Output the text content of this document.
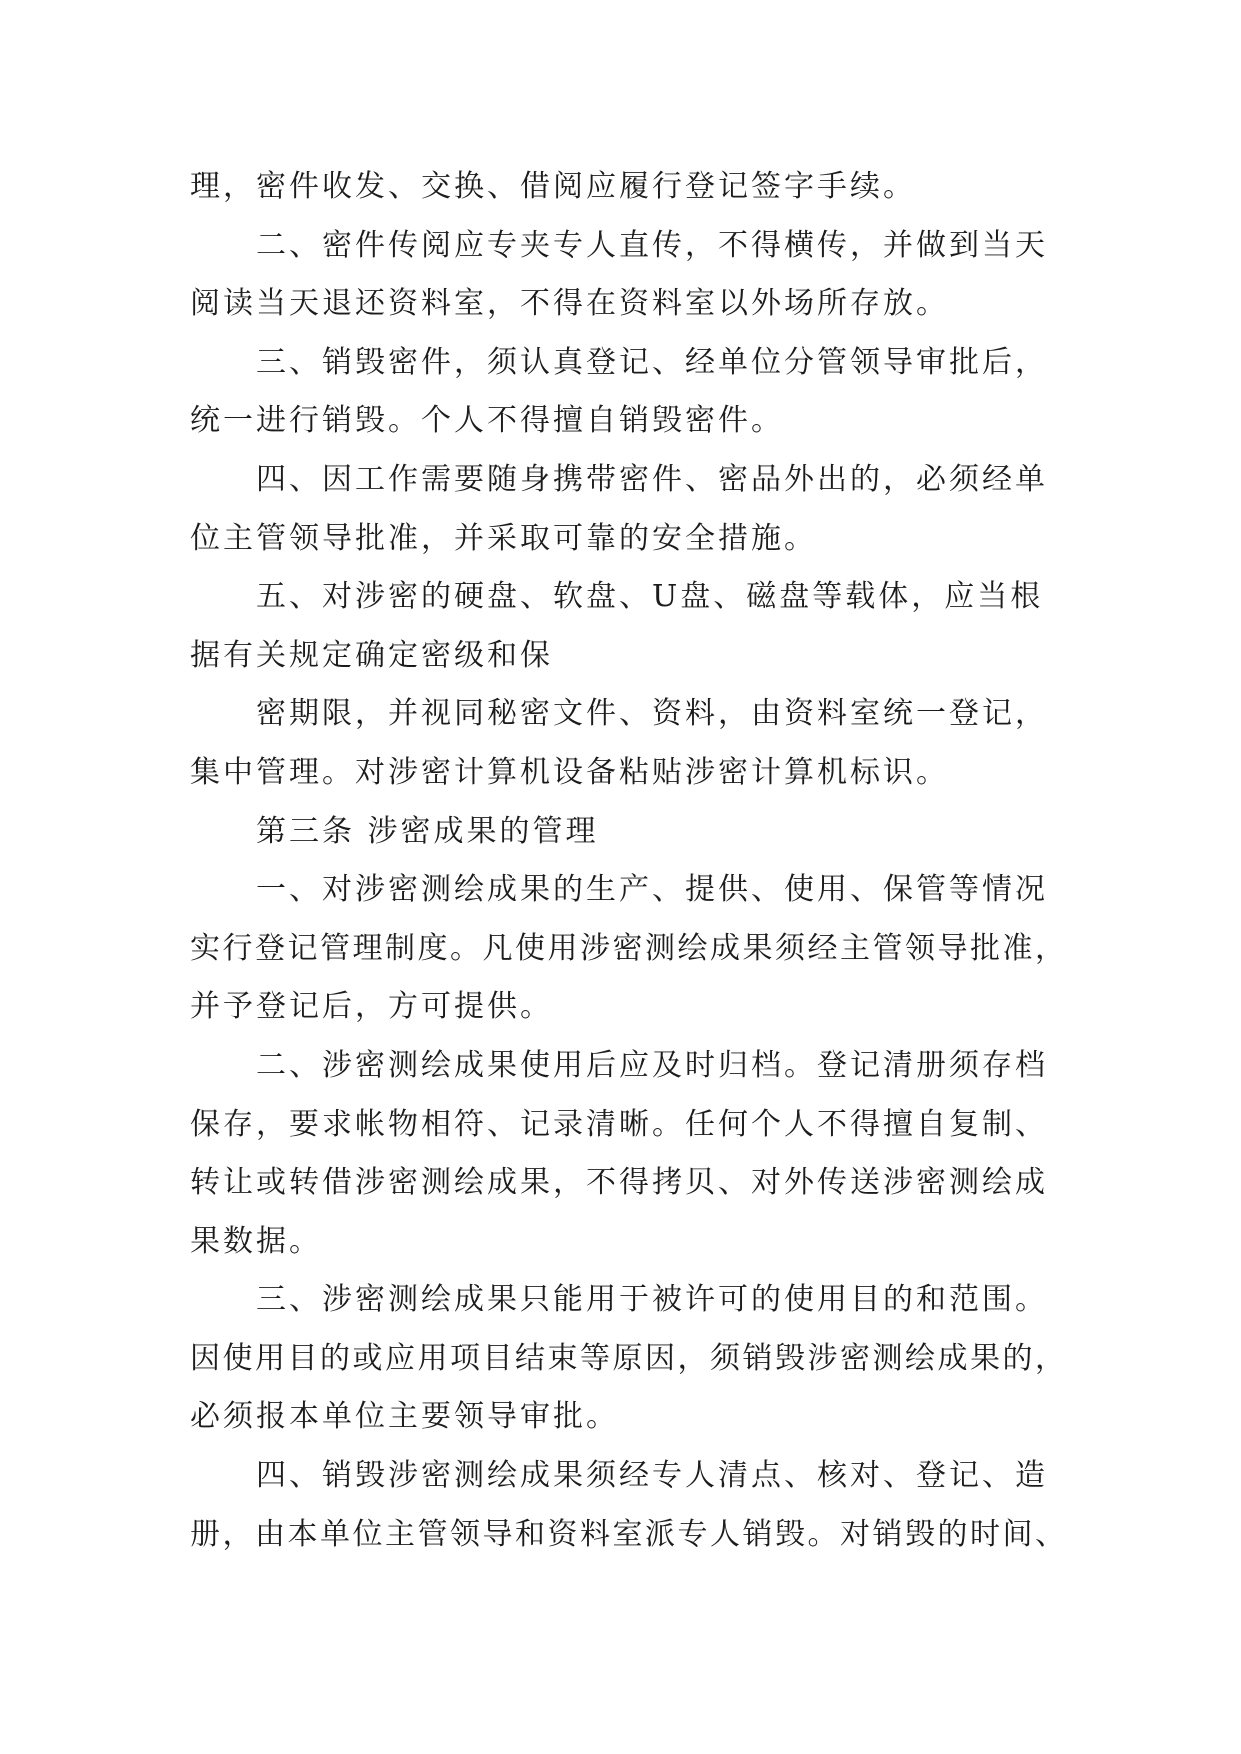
理，密件收发、交换、借阅应履行登记签字手续。
二、密件传阅应专夹专人直传，不得横传，并做到当天
阅读当天退还资料室，不得在资料室以外场所存放。
三、销毁密件，须认真登记、经单位分管领导审批后，
统一进行销毁。个人不得擅自销毁密件。
四、因工作需要随身携带密件、密品外出的，必须经单
位主管领导批准，并采取可靠的安全措施。
五、对涉密的硬盘、软盘、U盘、磁盘等载体，应当根
据有关规定确定密级和保
密期限，并视同秘密文件、资料，由资料室统一登记，
集中管理。对涉密计算机设备粘贴涉密计算机标识。
第三条 涉密成果的管理
一、对涉密测绘成果的生产、提供、使用、保管等情况
实行登记管理制度。凡使用涉密测绘成果须经主管领导批准，
并予登记后，方可提供。
二、涉密测绘成果使用后应及时归档。登记清册须存档
保存，要求帐物相符、记录清晰。任何个人不得擅自复制、
转让或转借涉密测绘成果，不得拷贝、对外传送涉密测绘成
果数据。
三、涉密测绘成果只能用于被许可的使用目的和范围。
因使用目的或应用项目结束等原因，须销毁涉密测绘成果的，
必须报本单位主要领导审批。
四、销毁涉密测绘成果须经专人清点、核对、登记、造
册，由本单位主管领导和资料室派专人销毁。对销毁的时间、
